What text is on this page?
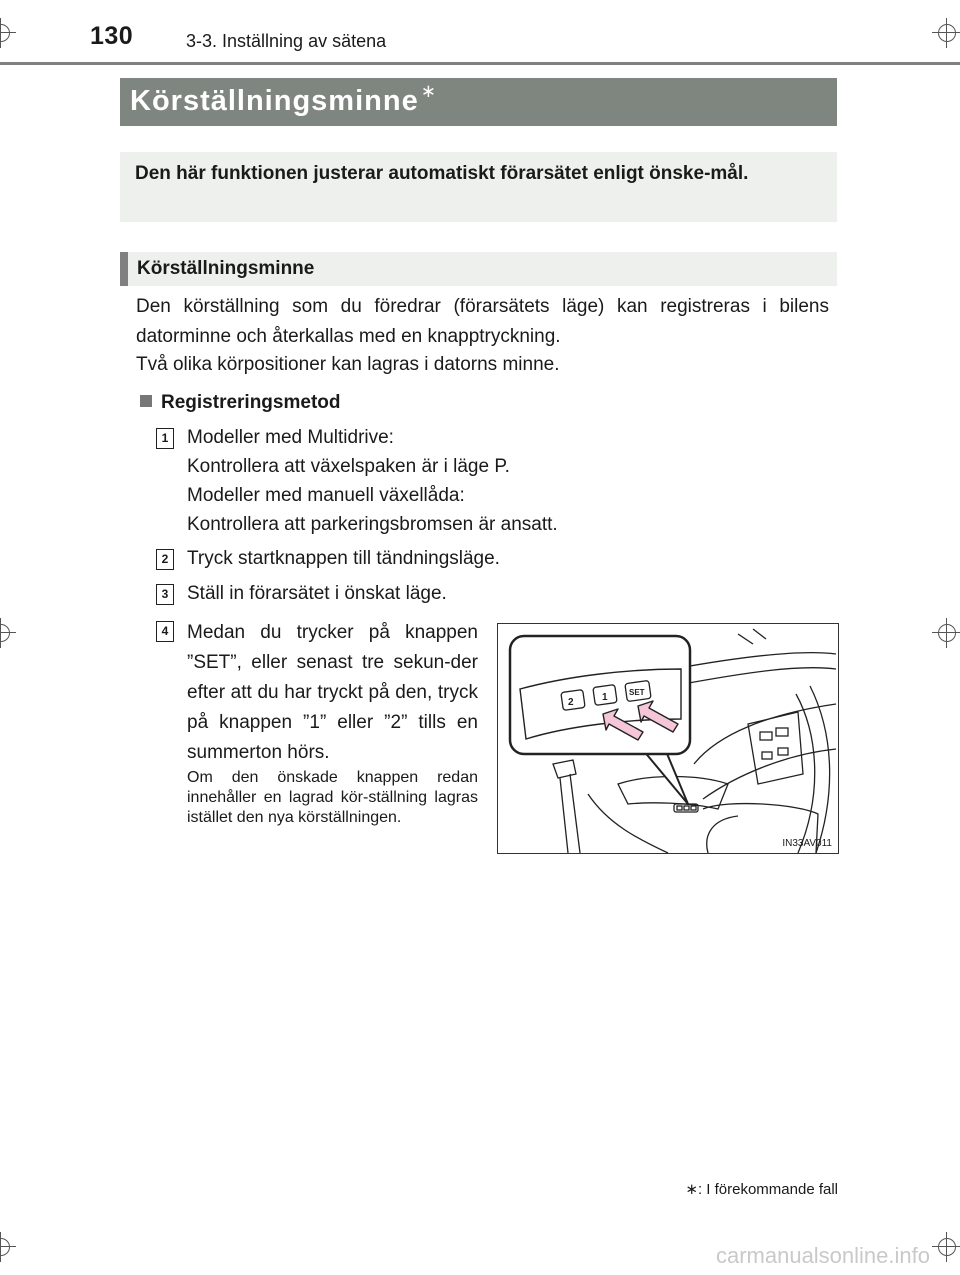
130	3-3. Inställning av sätena
Körställningsminne ∗
Den här funktionen justerar automatiskt förarsätet enligt önske-mål.
Körställningsminne
Den körställning som du föredrar (förarsätets läge) kan registreras i bilens datorminne och återkallas med en knapptryckning.
Två olika körpositioner kan lagras i datorns minne.
Registreringsmetod
1 Modeller med Multidrive:
Kontrollera att växelspaken är i läge P.
Modeller med manuell växellåda:
Kontrollera att parkeringsbromsen är ansatt.
2 Tryck startknappen till tändningsläge.
3 Ställ in förarsätet i önskat läge.
4 Medan du trycker på knappen ”SET”, eller senast tre sekun-der efter att du har tryckt på den, tryck på knappen ”1” eller ”2” tills en summerton hörs.
Om den önskade knappen redan innehåller en lagrad kör-ställning lagras istället den nya körställningen.
2	1	SET
IN33AV011
∗: I förekommande fall
carmanualsonline.info
